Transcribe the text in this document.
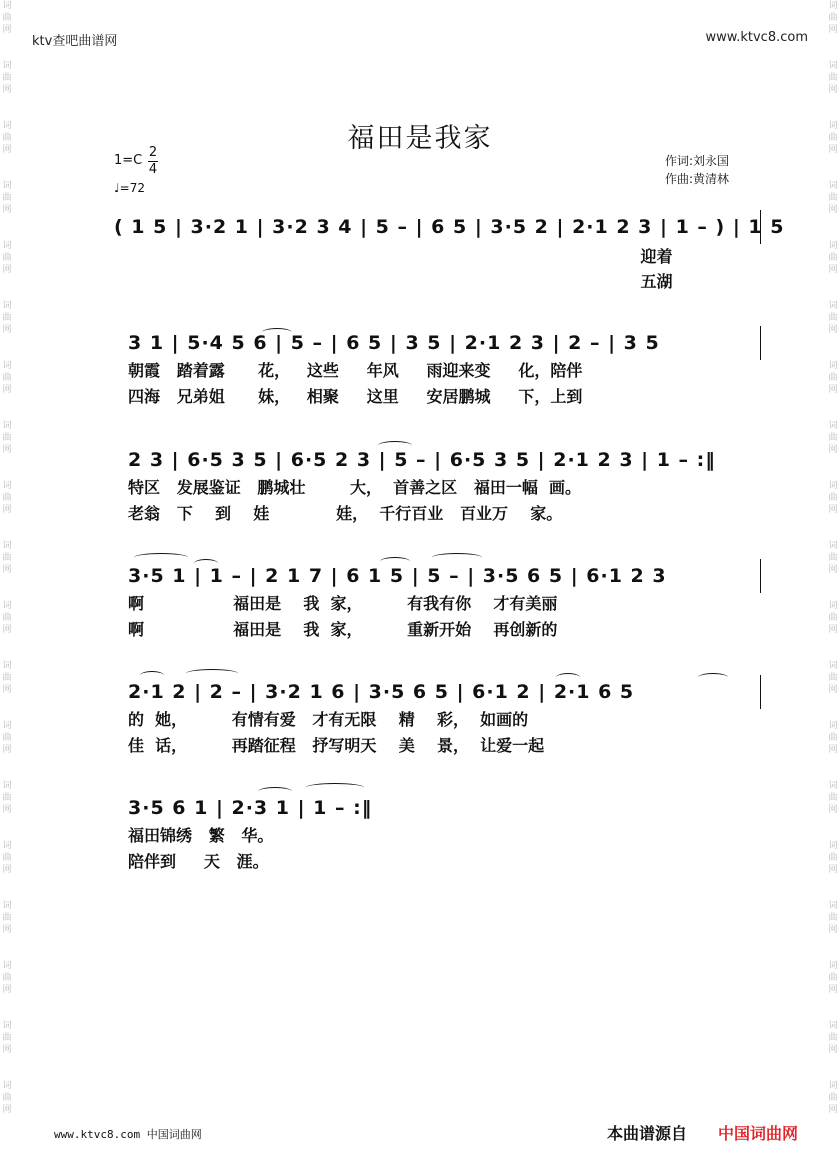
词曲网
词曲网
词曲网
词曲网
词曲网
词曲网
词曲网
词曲网
词曲网
词曲网
词曲网
词曲网
词曲网
词曲网
词曲网
词曲网
词曲网
词曲网
词曲网
词曲网
词曲网
词曲网
词曲网
词曲网
词曲网
词曲网
词曲网
词曲网
词曲网
词曲网
词曲网
词曲网
词曲网
词曲网
词曲网
词曲网
词曲网
词曲网
ktv查吧曲谱网	www.ktvc8.com
福田是我家
1=C
2
4
♩=72
作词:刘永国
作曲:黄清林
( 1 5 | 3·2 1 | 3·2 3 4 | 5 – | 6 5 | 3·5 2 | 2·1 2 3 | 1 – ) | 1 5
迎着
五湖
3 1 | 5·4 5 6 | 5 – | 6 5 | 3 5 | 2·1 2 3 | 2 – | 3 5
朝霞   踏着露      花，   这些     年风     雨迎来变     化，陪伴
四海   兄弟姐      妹，   相聚     这里     安居鹏城     下，上到
2 3 | 6·5 3 5 | 6·5 2 3 | 5 – | 6·5 3 5 | 2·1 2 3 | 1 – :‖
特区   发展鉴证   鹏城壮        大，  首善之区   福田一幅  画。
老翁   下    到    娃            娃，  千行百业   百业万    家。
3·5 1 | 1 – | 2 1 7 | 6 1 5 | 5 – | 3·5 6 5 | 6·1 2 3
啊                福田是    我  家，        有我有你    才有美丽
啊                福田是    我  家，        重新开始    再创新的
2·1 2 | 2 – | 3·2 1 6 | 3·5 6 5 | 6·1 2 | 2·1 6 5
的  她，        有情有爱   才有无限    精    彩，  如画的
佳  话，        再踏征程   抒写明天    美    景，  让爱一起
3·5 6 1 | 2·3 1 | 1 – :‖
福田锦绣   繁   华。
陪伴到     天   涯。
www.ktvc8.com 中国词曲网	本曲谱源自 中国词曲网
